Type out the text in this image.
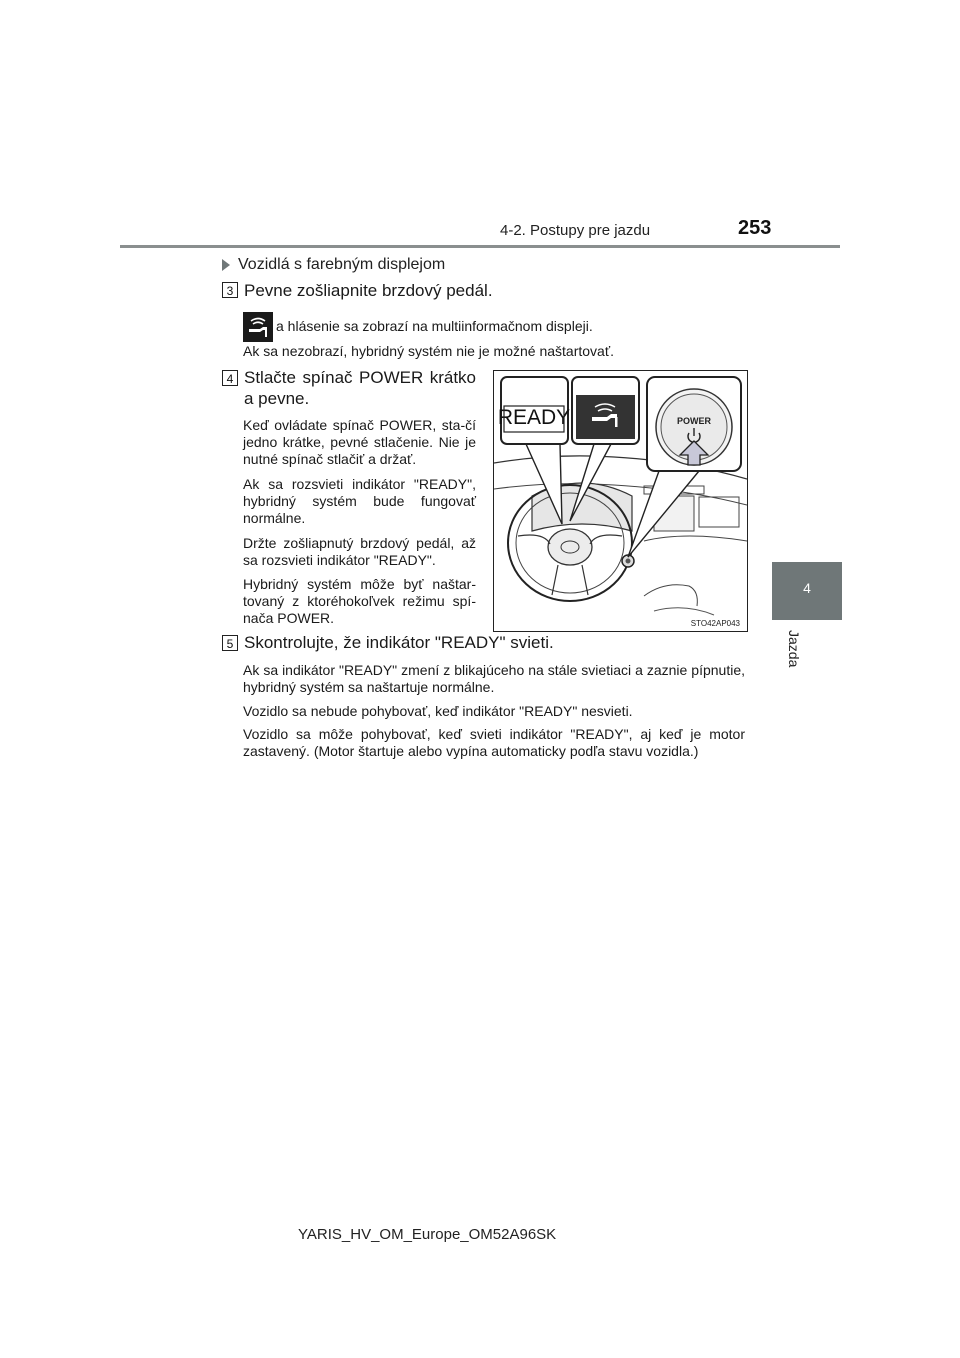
4-2. Postupy pre jazdu	253
4
Jazda
Vozidlá s farebným displejom
3 Pevne zošliapnite brzdový pedál.
a hlásenie sa zobrazí na multiinformačnom displeji.
Ak sa nezobrazí, hybridný systém nie je možné naštartovať.
4 Stlačte spínač POWER krátko
a pevne.
Keď ovládate spínač POWER, sta-čí jedno krátke, pevné stlačenie. Nie je nutné spínač stlačiť a držať.
Ak sa rozsvieti indikátor "READY", hybridný systém bude fungovať normálne.
Držte zošliapnutý brzdový pedál, až sa rozsvieti indikátor "READY".
Hybridný systém môže byť naštar-tovaný z ktoréhokoľvek režimu spí-nača POWER.
READY	POWER
STO42AP043
5 Skontrolujte, že indikátor "READY" svieti.
Ak sa indikátor "READY" zmení z blikajúceho na stále svietiaci a zaznie pípnutie, hybridný systém sa naštartuje normálne.
Vozidlo sa nebude pohybovať, keď indikátor "READY" nesvieti.
Vozidlo sa môže pohybovať, keď svieti indikátor "READY", aj keď je motor zastavený. (Motor štartuje alebo vypína automaticky podľa stavu vozidla.)
YARIS_HV_OM_Europe_OM52A96SK
